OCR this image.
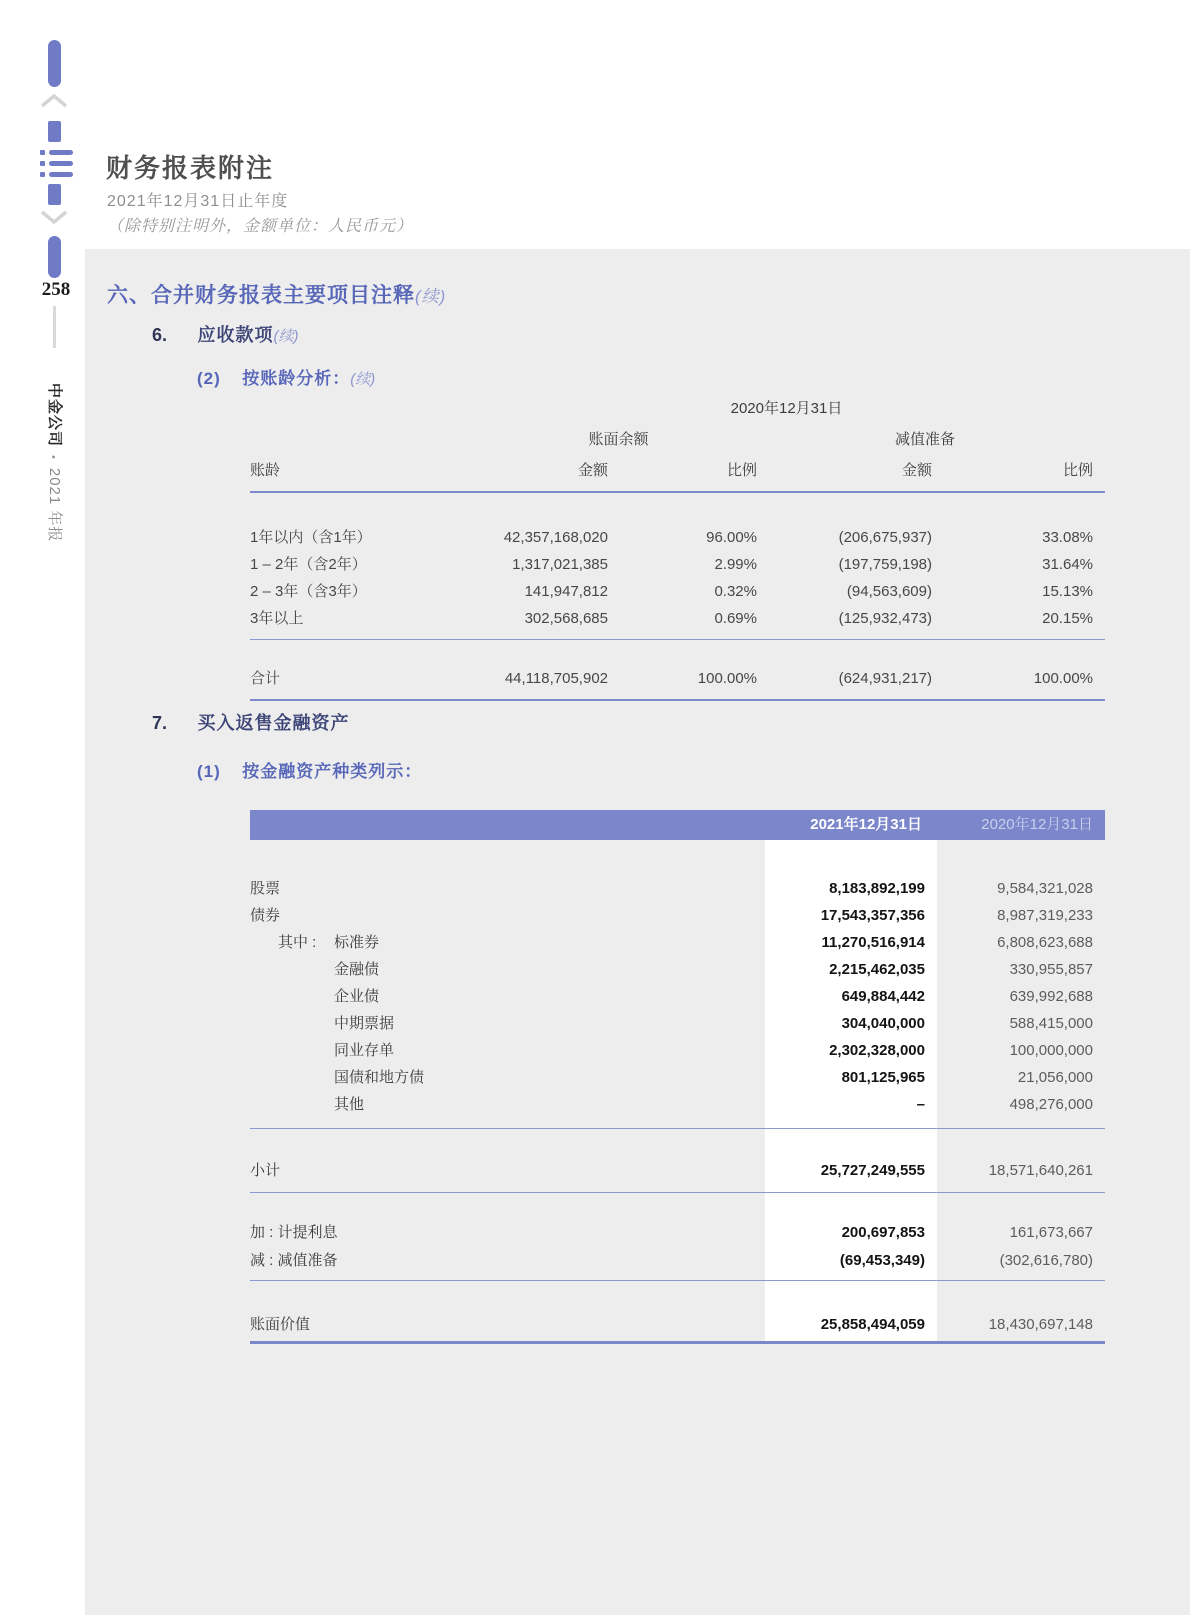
258
中金公司•2021 年报
财务报表附注
2021年12月31日止年度
（除特别注明外，金额单位：人民币元）
六、合并财务报表主要项目注释(续)
6. 应收款项(续)
(2) 按账龄分析：(续)
2020年12月31日
账面余额	减值准备
账龄	金额	比例	金额	比例
1年以内（含1年）	42,357,168,020	96.00%	(206,675,937)	33.08%
1 – 2年（含2年）	1,317,021,385	2.99%	(197,759,198)	31.64%
2 – 3年（含3年）	141,947,812	0.32%	(94,563,609)	15.13%
3年以上	302,568,685	0.69%	(125,932,473)	20.15%
合计	44,118,705,902	100.00%	(624,931,217)	100.00%
7. 买入返售金融资产
(1) 按金融资产种类列示：
2021年12月31日	2020年12月31日
股票	8,183,892,199	9,584,321,028
债券	17,543,357,356	8,987,319,233
其中 : 标准券	11,270,516,914	6,808,623,688
金融债	2,215,462,035	330,955,857
企业债	649,884,442	639,992,688
中期票据	304,040,000	588,415,000
同业存单	2,302,328,000	100,000,000
国债和地方债	801,125,965	21,056,000
其他	–	498,276,000
小计	25,727,249,555	18,571,640,261
加 : 计提利息	200,697,853	161,673,667
减 : 减值准备	(69,453,349)	(302,616,780)
账面价值	25,858,494,059	18,430,697,148
